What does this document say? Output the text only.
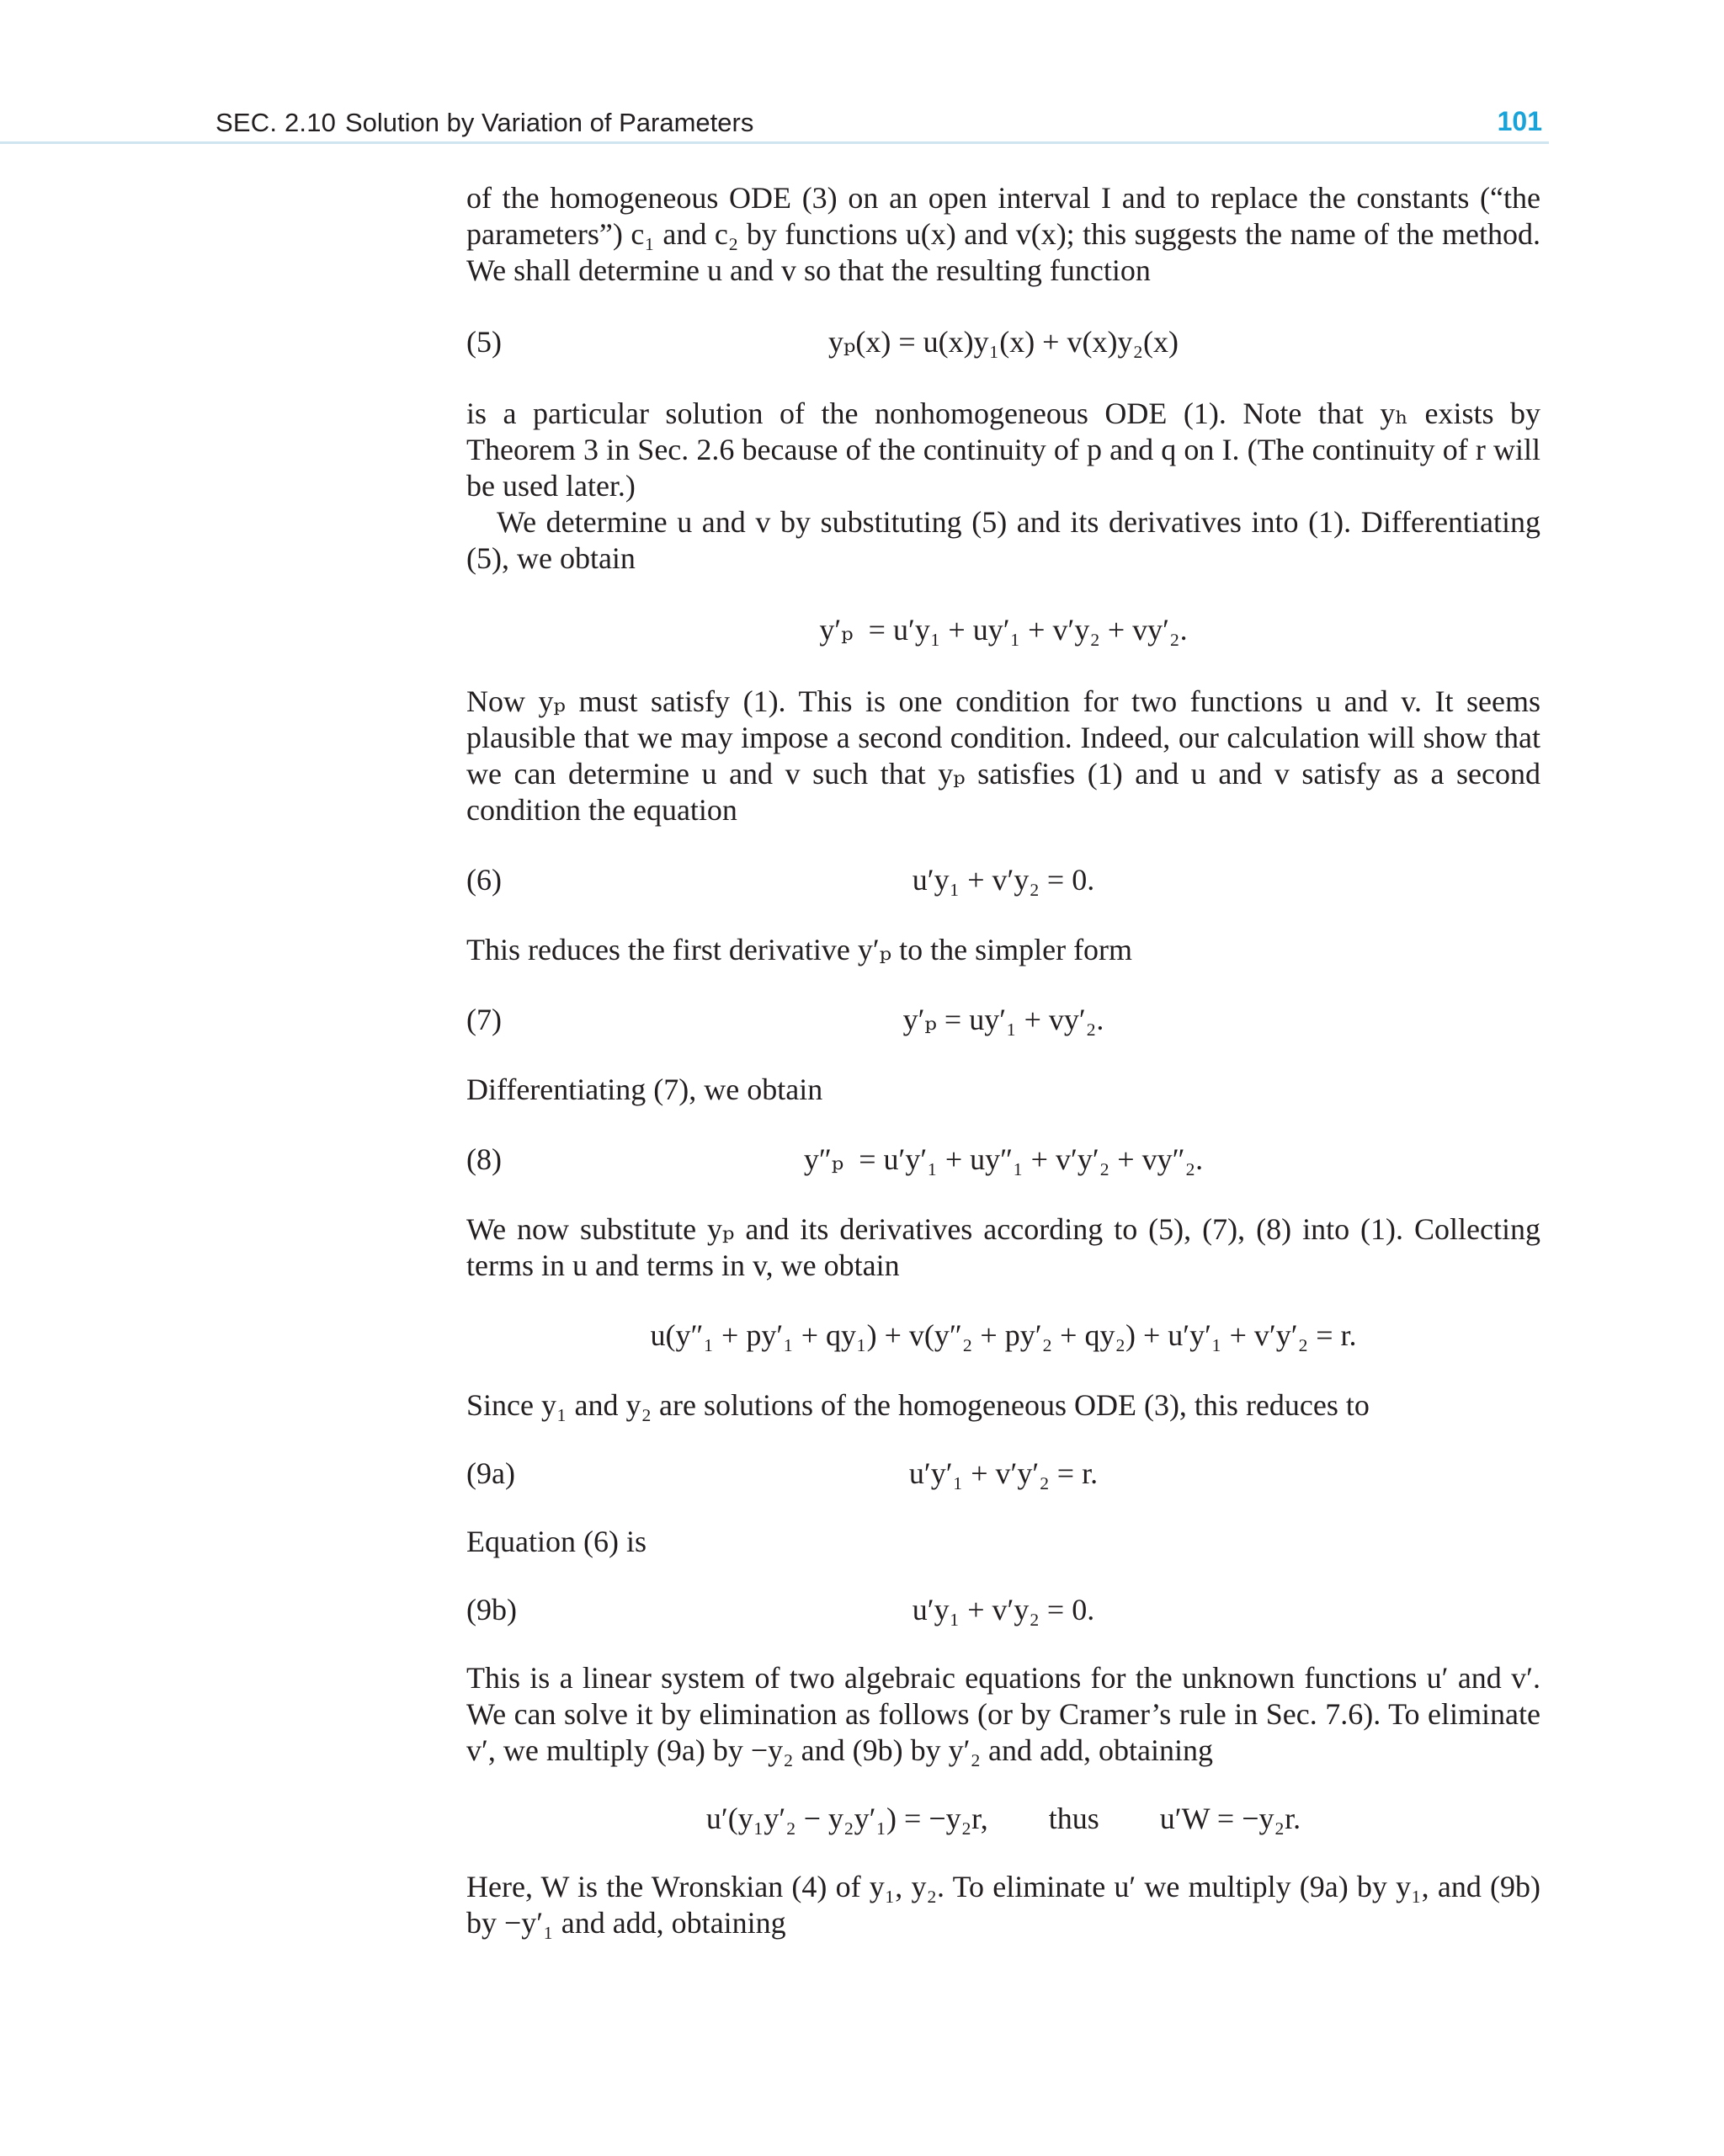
SEC. 2.10 Solution by Variation of Parameters	101

of the homogeneous ODE (3) on an open interval I and to replace the constants (“the parameters”) c₁ and c₂ by functions u(x) and v(x); this suggests the name of the method. We shall determine u and v so that the resulting function

(5)	yₚ(x) = u(x)y₁(x) + v(x)y₂(x)

is a particular solution of the nonhomogeneous ODE (1). Note that yₕ exists by Theorem 3 in Sec. 2.6 because of the continuity of p and q on I. (The continuity of r will be used later.)

We determine u and v by substituting (5) and its derivatives into (1). Differentiating (5), we obtain

y′ₚ  = u′y₁ + uy′₁ + v′y₂ + vy′₂.

Now yₚ must satisfy (1). This is one condition for two functions u and v. It seems plausible that we may impose a second condition. Indeed, our calculation will show that we can determine u and v such that yₚ satisfies (1) and u and v satisfy as a second condition the equation

(6)	u′y₁ + v′y₂ = 0.

This reduces the first derivative y′ₚ to the simpler form

(7)	y′ₚ = uy′₁ + vy′₂.

Differentiating (7), we obtain

(8)	y″ₚ  = u′y′₁ + uy″₁ + v′y′₂ + vy″₂.

We now substitute yₚ and its derivatives according to (5), (7), (8) into (1). Collecting terms in u and terms in v, we obtain

u(y″₁ + py′₁ + qy₁) + v(y″₂ + py′₂ + qy₂) + u′y′₁ + v′y′₂ = r.

Since y₁ and y₂ are solutions of the homogeneous ODE (3), this reduces to

(9a)	u′y′₁ + v′y′₂ = r.

Equation (6) is

(9b)	u′y₁ + v′y₂ = 0.

This is a linear system of two algebraic equations for the unknown functions u′ and v′. We can solve it by elimination as follows (or by Cramer’s rule in Sec. 7.6). To eliminate v′, we multiply (9a) by −y₂ and (9b) by y′₂ and add, obtaining

u′(y₁y′₂ − y₂y′₁) = −y₂r,        thus        u′W = −y₂r.

Here, W is the Wronskian (4) of y₁, y₂. To eliminate u′ we multiply (9a) by y₁, and (9b) by −y′₁ and add, obtaining
